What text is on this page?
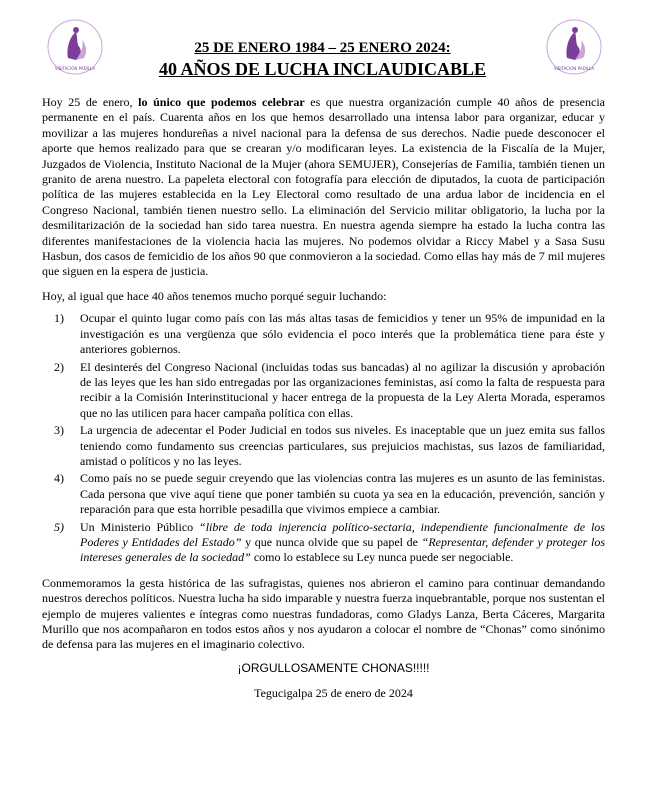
VISITACION PADILLA	VISITACION PADILLA
25 DE ENERO 1984 – 25 ENERO 2024:
40 AÑOS DE LUCHA INCLAUDICABLE

Hoy 25 de enero, lo único que podemos celebrar es que nuestra organización cumple 40 años de presencia permanente en el país. Cuarenta años en los que hemos desarrollado una intensa labor para organizar, educar y movilizar a las mujeres hondureñas a nivel nacional para la defensa de sus derechos. Nadie puede desconocer el aporte que hemos realizado para que se crearan y/o modificaran leyes. La existencia de la Fiscalía de la Mujer, Juzgados de Violencia, Instituto Nacional de la Mujer (ahora SEMUJER), Consejerías de Familia, también tienen un granito de arena nuestro. La papeleta electoral con fotografía para elección de diputados, la cuota de participación política de las mujeres establecida en la Ley Electoral como resultado de una ardua labor de incidencia en el Congreso Nacional, también tienen nuestro sello. La eliminación del Servicio militar obligatorio, la lucha por la desmilitarización de la sociedad han sido tarea nuestra. En nuestra agenda siempre ha estado la lucha contra las diferentes manifestaciones de la violencia hacia las mujeres. No podemos olvidar a Riccy Mabel y a Sasa Susu Hasbun, dos casos de femicidio de los años 90 que conmovieron a la sociedad. Como ellas hay más de 7 mil mujeres que siguen en la espera de justicia.

Hoy, al igual que hace 40 años tenemos mucho porqué seguir luchando:

1)	Ocupar el quinto lugar como país con las más altas tasas de femicidios y tener un 95% de impunidad en la investigación es una vergüenza que sólo evidencia el poco interés que la problemática tiene para éste y anteriores gobiernos.
2)	El desinterés del Congreso Nacional (incluidas todas sus bancadas) al no agilizar la discusión y aprobación de las leyes que les han sido entregadas por las organizaciones feministas, así como la falta de respuesta para recibir a la Comisión Interinstitucional y hacer entrega de la propuesta de la Ley Alerta Morada, esperamos que no las utilicen para hacer campaña política con ellas.
3)	La urgencia de adecentar el Poder Judicial en todos sus niveles. Es inaceptable que un juez emita sus fallos teniendo como fundamento sus creencias particulares, sus prejuicios machistas, sus lazos de familiaridad, amistad o políticos y no las leyes.
4)	Como país no se puede seguir creyendo que las violencias contra las mujeres es un asunto de las feministas. Cada persona que vive aquí tiene que poner también su cuota ya sea en la educación, prevención, sanción y reparación para que esta horrible pesadilla que vivimos empiece a cambiar.
5)	Un Ministerio Público “libre de toda injerencia político-sectaria, independiente funcionalmente de los Poderes y Entidades del Estado” y que nunca olvide que su papel de “Representar, defender y proteger los intereses generales de la sociedad” como lo establece su Ley nunca puede ser negociable.

Conmemoramos la gesta histórica de las sufragistas, quienes nos abrieron el camino para continuar demandando nuestros derechos políticos. Nuestra lucha ha sido imparable y nuestra fuerza inquebrantable, porque nos sustentan el ejemplo de mujeres valientes e íntegras como nuestras fundadoras, como Gladys Lanza, Berta Cáceres, Margarita Murillo que nos acompañaron en todos estos años y nos ayudaron a colocar el nombre de “Chonas” como sinónimo de defensa para las mujeres en el imaginario colectivo.

¡ORGULLOSAMENTE CHONAS!!!!!
Tegucigalpa 25 de enero de 2024
